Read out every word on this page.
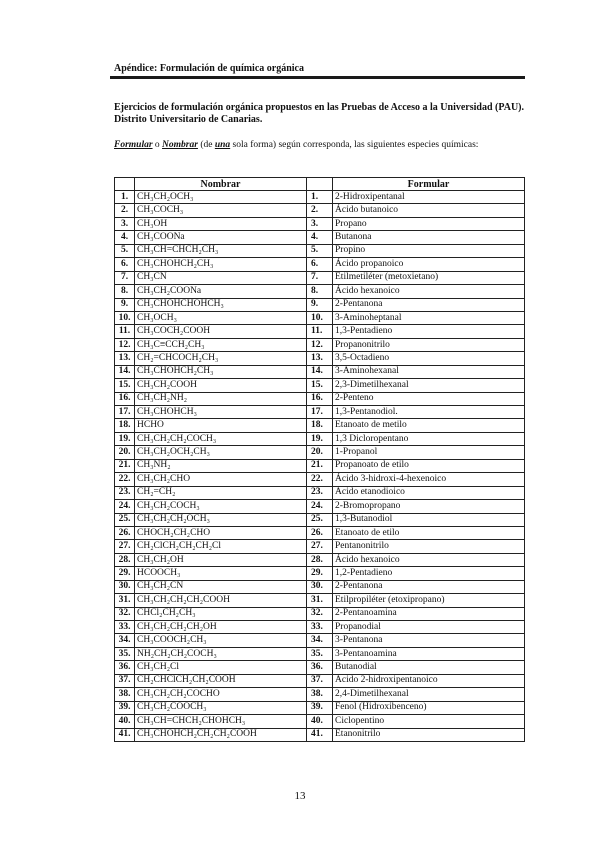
Apéndice: Formulación de química orgánica
Ejercicios de formulación orgánica propuestos en las Pruebas de Acceso a la Universidad (PAU). Distrito Universitario de Canarias.
Formular o Nombrar (de una sola forma) según corresponda, las siguientes especies químicas:
	Nombrar		Formular
1.	CH₃CH₂OCH₃	1.	2-Hidroxipentanal
2.	CH₃COCH₃	2.	Ácido butanoico
3.	CH₃OH	3.	Propano
4.	CH₃COONa	4.	Butanona
5.	CH₃CH=CHCH₂CH₃	5.	Propino
6.	CH₃CHOHCH₂CH₃	6.	Ácido propanoico
7.	CH₃CN	7.	Etilmetiléter (metoxietano)
8.	CH₃CH₂COONa	8.	Ácido hexanoico
9.	CH₃CHOHCHOHCH₃	9.	2-Pentanona
10.	CH₃OCH₃	10.	3-Aminoheptanal
11.	CH₃COCH₂COOH	11.	1,3-Pentadieno
12.	CH₃C≡CCH₂CH₃	12.	Propanonitrilo
13.	CH₂=CHCOCH₂CH₃	13.	3,5-Octadieno
14.	CH₃CHOHCH₂CH₃	14.	3-Aminohexanal
15.	CH₃CH₂COOH	15.	2,3-Dimetilhexanal
16.	CH₃CH₂NH₂	16.	2-Penteno
17.	CH₃CHOHCH₃	17.	1,3-Pentanodiol.
18.	HCHO	18.	Etanoato de metilo
19.	CH₃CH₂CH₂COCH₃	19.	1,3 Dicloropentano
20.	CH₃CH₂OCH₂CH₃	20.	1-Propanol
21.	CH₃NH₂	21.	Propanoato de etilo
22.	CH₃CH₂CHO	22.	Ácido 3-hidroxi-4-hexenoico
23.	CH₂=CH₂	23.	Ácido etanodioico
24.	CH₃CH₂COCH₃	24.	2-Bromopropano
25.	CH₃CH₂CH₂OCH₃	25.	1,3-Butanodiol
26.	CHOCH₂CH₂CHO	26.	Etanoato de etilo
27.	CH₂ClCH₂CH₂CH₂Cl	27.	Pentanonitrilo
28.	CH₃CH₂OH	28.	Ácido hexanoico
29.	HCOOCH₃	29.	1,2-Pentadieno
30.	CH₃CH₂CN	30.	2-Pentanona
31.	CH₃CH₂CH₂CH₂COOH	31.	Etilpropiléter (etoxipropano)
32.	CHCl₂CH₂CH₃	32.	2-Pentanoamina
33.	CH₃CH₂CH₂CH₂OH	33.	Propanodial
34.	CH₃COOCH₂CH₃	34.	3-Pentanona
35.	NH₂CH₂CH₂COCH₃	35.	3-Pentanoamina
36.	CH₃CH₂Cl	36.	Butanodial
37.	CH₂CHClCH₂CH₂COOH	37.	Ácido 2-hidroxipentanoico
38.	CH₃CH₂CH₂COCHO	38.	2,4-Dimetilhexanal
39.	CH₃CH₂COOCH₃	39.	Fenol (Hidroxibenceno)
40.	CH₃CH=CHCH₂CHOHCH₃	40.	Ciclopentino
41.	CH₃CHOHCH₂CH₂CH₂COOH	41.	Etanonitrilo
13
